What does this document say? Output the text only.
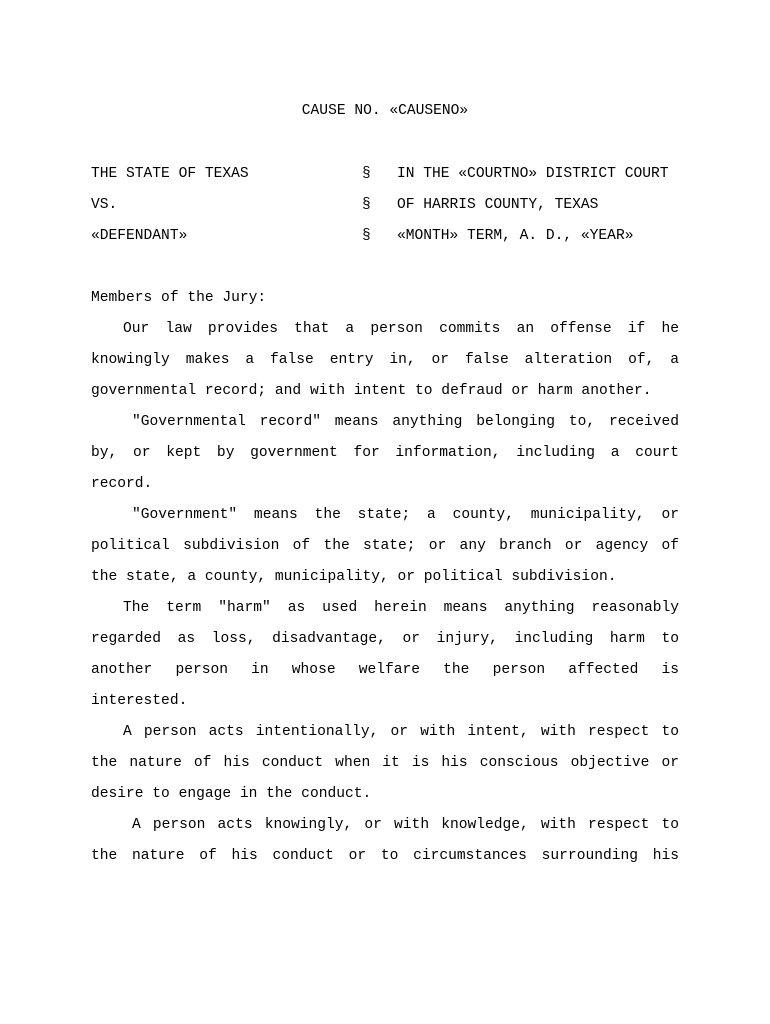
CAUSE NO. «CAUSENO»
THE STATE OF TEXAS	§ IN THE «COURTNO» DISTRICT COURT
VS.	§ OF HARRIS COUNTY, TEXAS
«DEFENDANT»	§ «MONTH» TERM, A. D., «YEAR»
Members of the Jury:
Our law provides that a person commits an offense if he
knowingly makes a false entry in, or false alteration of, a
governmental record; and with intent to defraud or harm another.
"Governmental record" means anything belonging to, received
by, or kept by government for information, including a court
record.
"Government" means the state; a county, municipality, or
political subdivision of the state; or any branch or agency of
the state, a county, municipality, or political subdivision.
The term "harm" as used herein means anything reasonably
regarded as loss, disadvantage, or injury, including harm to
another person in whose welfare the person affected is
interested.
A person acts intentionally, or with intent, with respect to
the nature of his conduct when it is his conscious objective or
desire to engage in the conduct.
A person acts knowingly, or with knowledge, with respect to
the nature of his conduct or to circumstances surrounding his
